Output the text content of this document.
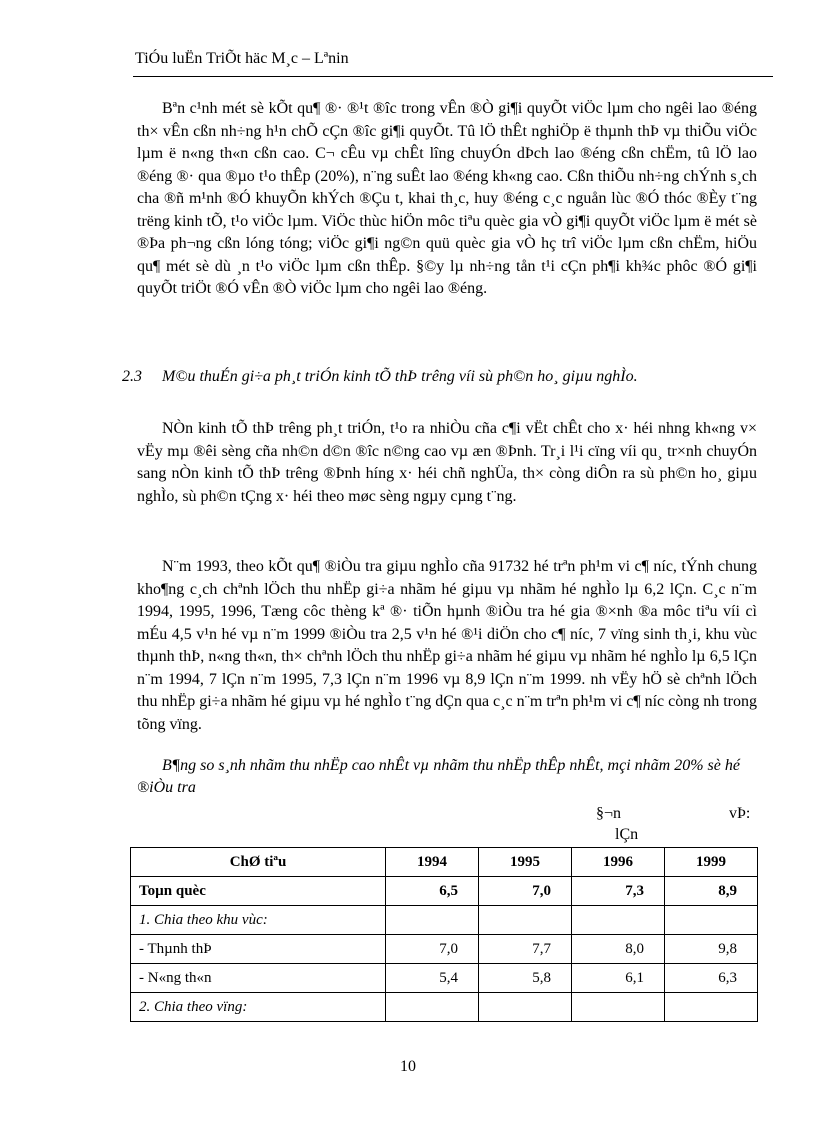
TiÓu luËn TriÕt häc M¸c – Lªnin
Bªn c¹nh mét sè kÕt qu¶ ®· ®¹t ®îc trong vÊn ®Ò gi¶i quyÕt viÖc lµm cho ngêi lao ®éng th× vÊn cßn nh÷ng h¹n chÕ cÇn ®îc gi¶i quyÕt. Tû lÖ thÊt nghiÖp ë thµnh thÞ vµ thiÕu viÖc lµm ë n«ng th«n cßn cao. C¬ cÊu vµ chÊt lîng chuyÓn dÞch lao ®éng cßn chËm, tû lÖ lao ®éng ®· qua ®µo t¹o thÊp (20%), n¨ng suÊt lao ®éng kh«ng cao. Cßn thiÕu nh÷ng chÝnh s¸ch cha ®ñ m¹nh ®Ó khuyÕn khÝch ®Çu t, khai th¸c, huy ®éng c¸c nguån lùc ®Ó thóc ®Èy t¨ng trëng kinh tÕ, t¹o viÖc lµm. ViÖc thùc hiÖn môc tiªu quèc gia vÒ gi¶i quyÕt viÖc lµm ë mét sè ®Þa ph¬ng cßn lóng tóng; viÖc gi¶i ng©n quü quèc gia vÒ hç trî viÖc lµm cßn chËm, hiÖu qu¶ mét sè dù ¸n t¹o viÖc lµm cßn thÊp. §©y lµ nh÷ng tån t¹i cÇn ph¶i kh¾c phôc ®Ó gi¶i quyÕt triÖt ®Ó vÊn ®Ò viÖc lµm cho ngêi lao ®éng.
2.3 M©u thuÉn gi÷a ph¸t triÓn kinh tÕ thÞ trêng víi sù ph©n ho¸ giµu nghÌo.
NÒn kinh tÕ thÞ trêng ph¸t triÓn, t¹o ra nhiÒu cña c¶i vËt chÊt cho x· héi nhng kh«ng v× vËy mµ ®êi sèng cña nh©n d©n ®îc n©ng cao vµ æn ®Þnh. Tr¸i l¹i cïng víi qu¸ tr×nh chuyÓn sang nÒn kinh tÕ thÞ trêng ®Þnh híng x· héi chñ nghÜa, th× còng diÔn ra sù ph©n ho¸ giµu nghÌo, sù ph©n tÇng x· héi theo møc sèng ngµy cµng t¨ng.
N¨m 1993, theo kÕt qu¶ ®iÒu tra giµu nghÌo cña 91732 hé trªn ph¹m vi c¶ níc, tÝnh chung kho¶ng c¸ch chªnh lÖch thu nhËp gi÷a nhãm hé giµu vµ nhãm hé nghÌo lµ 6,2 lÇn. C¸c n¨m 1994, 1995, 1996, Tæng côc thèng kª ®· tiÕn hµnh ®iÒu tra hé gia ®×nh ®a môc tiªu víi cì mÉu 4,5 v¹n hé vµ n¨m 1999 ®iÒu tra 2,5 v¹n hé ®¹i diÖn cho c¶ níc, 7 vïng sinh th¸i, khu vùc thµnh thÞ, n«ng th«n, th× chªnh lÖch thu nhËp gi÷a nhãm hé giµu vµ nhãm hé nghÌo lµ 6,5 lÇn n¨m 1994, 7 lÇn n¨m 1995, 7,3 lÇn n¨m 1996 vµ 8,9 lÇn n¨m 1999. nh vËy hÖ sè chªnh lÖch thu nhËp gi÷a nhãm hé giµu vµ hé nghÌo t¨ng dÇn qua c¸c n¨m trªn ph¹m vi c¶ níc còng nh trong tõng vïng.
B¶ng so s¸nh nhãm thu nhËp cao nhÊt vµ nhãm thu nhËp thÊp nhÊt, mçi nhãm 20% sè hé ®iÒu tra
§¬n	vÞ:
lÇn
ChØ tiªu	1994	1995	1996	1999
Toµn quèc	6,5	7,0	7,3	8,9
1. Chia theo khu vùc:				
- Thµnh thÞ	7,0	7,7	8,0	9,8
- N«ng th«n	5,4	5,8	6,1	6,3
2. Chia theo vïng:				
10
